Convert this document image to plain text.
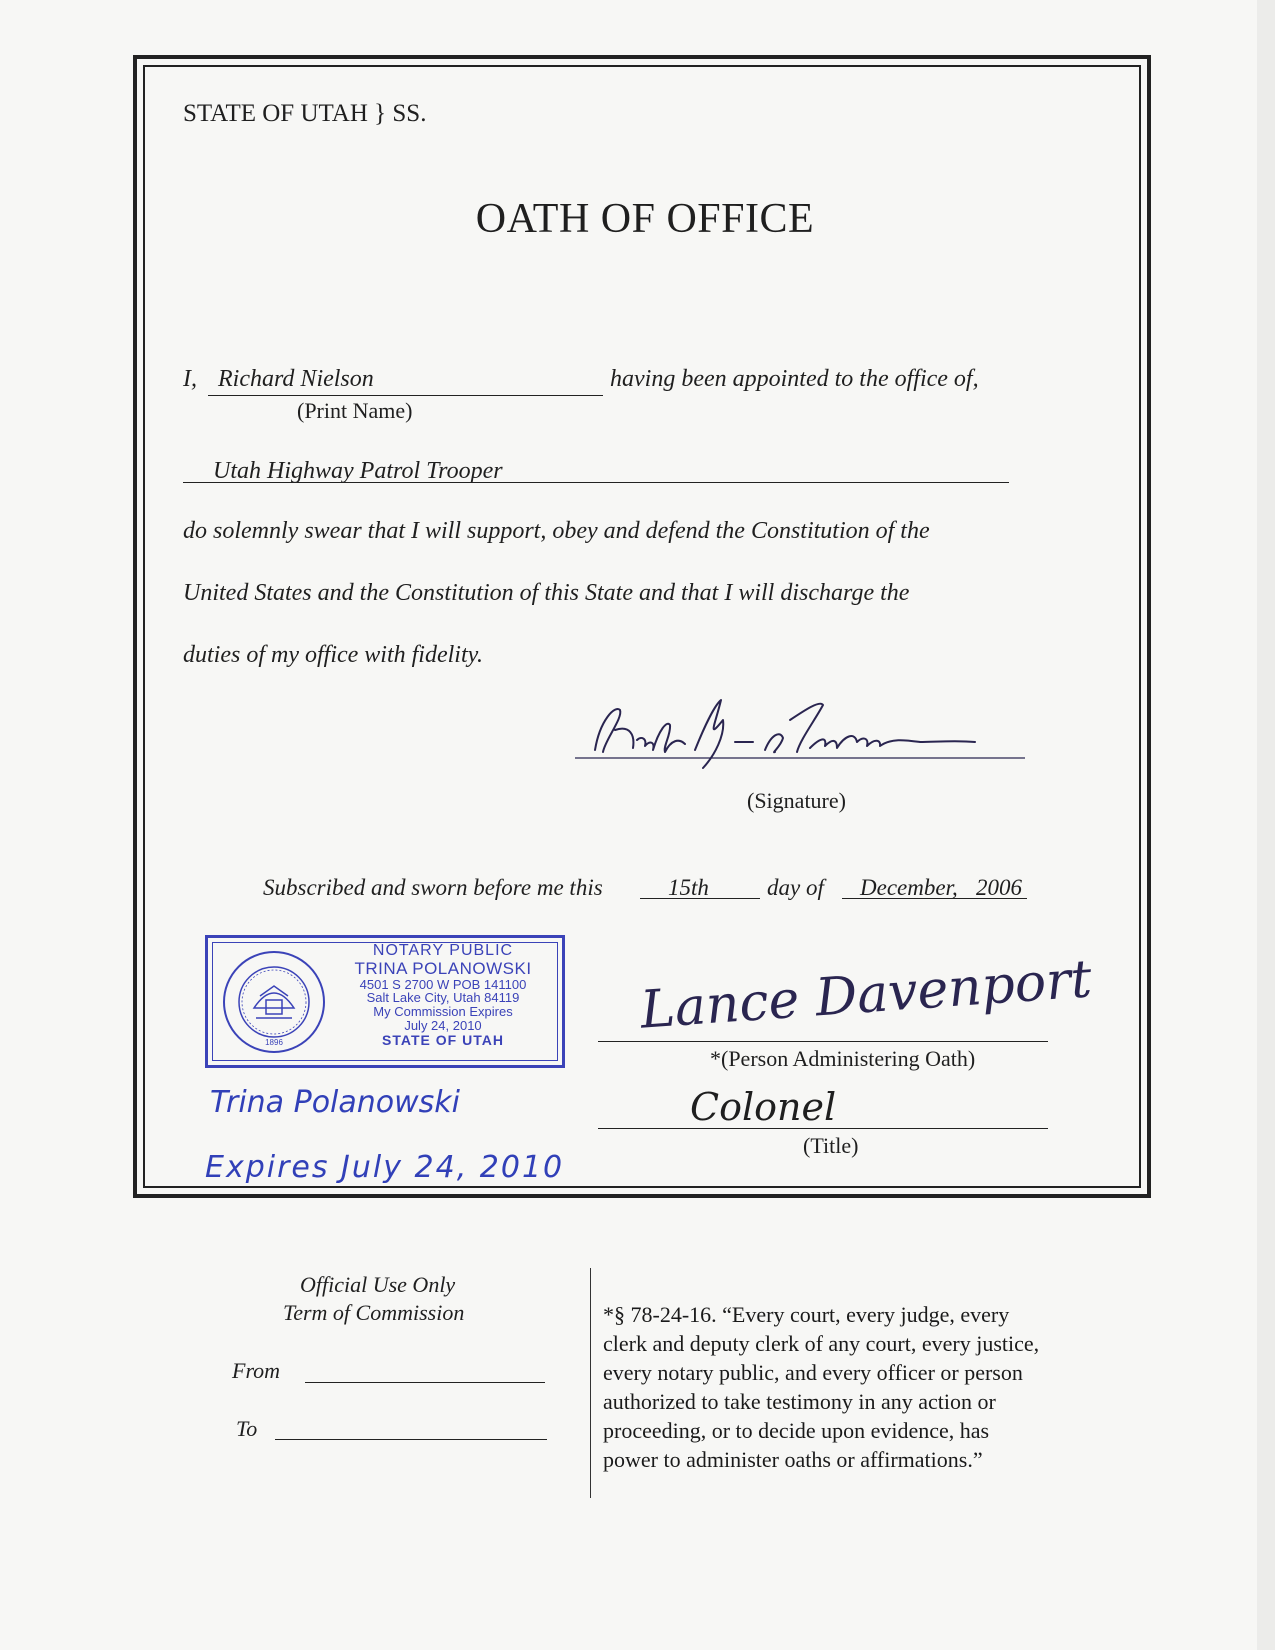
STATE OF UTAH } SS.
OATH OF OFFICE
I, Richard Nielson	having been appointed to the office of,
(Print Name)
Utah Highway Patrol Trooper
do solemnly swear that I will support, obey and defend the Constitution of the
United States and the Constitution of this State and that I will discharge the
duties of my office with fidelity.
(Signature)
Subscribed and sworn before me this	15th	day of December, 2006
1896
NOTARY PUBLIC
TRINA POLANOWSKI
4501 S 2700 W POB 141100
Salt Lake City, Utah 84119
My Commission Expires
July 24, 2010
STATE OF UTAH
Trina Polanowski
Expires July 24, 2010
Lance Davenport
*(Person Administering Oath)
Colonel
(Title)
Official Use Only
Term of Commission
From
To
*§ 78-24-16. “Every court, every judge, every
clerk and deputy clerk of any court, every justice,
every notary public, and every officer or person
authorized to take testimony in any action or
proceeding, or to decide upon evidence, has
power to administer oaths or affirmations.”
